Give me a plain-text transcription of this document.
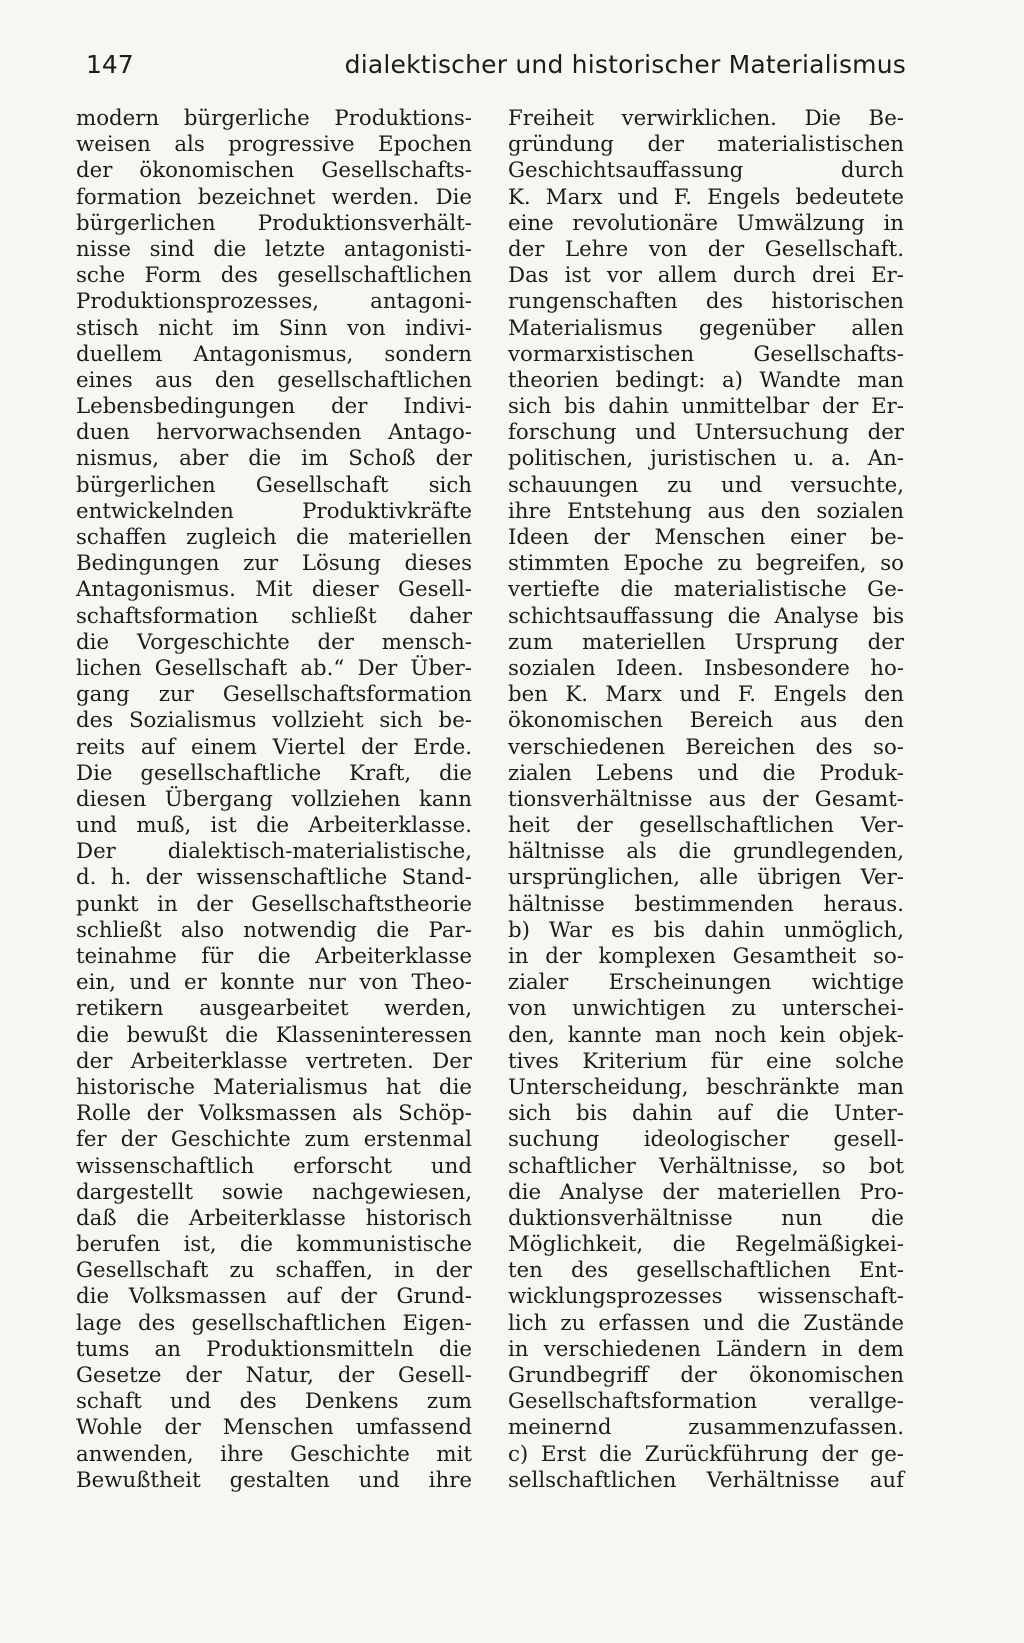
147	dialektischer und historischer Materialismus
modern bürgerliche Produktions-
weisen als progressive Epochen
der ökonomischen Gesellschafts-
formation bezeichnet werden. Die
bürgerlichen Produktionsverhält-
nisse sind die letzte antagonisti-
sche Form des gesellschaftlichen
Produktionsprozesses, antagoni-
stisch nicht im Sinn von indivi-
duellem Antagonismus, sondern
eines aus den gesellschaftlichen
Lebensbedingungen der Indivi-
duen hervorwachsenden Antago-
nismus, aber die im Schoß der
bürgerlichen Gesellschaft sich
entwickelnden Produktivkräfte
schaffen zugleich die materiellen
Bedingungen zur Lösung dieses
Antagonismus. Mit dieser Gesell-
schaftsformation schließt daher
die Vorgeschichte der mensch-
lichen Gesellschaft ab.“ Der Über-
gang zur Gesellschaftsformation
des Sozialismus vollzieht sich be-
reits auf einem Viertel der Erde.
Die gesellschaftliche Kraft, die
diesen Übergang vollziehen kann
und muß, ist die Arbeiterklasse.
Der dialektisch-materialistische,
d. h. der wissenschaftliche Stand-
punkt in der Gesellschaftstheorie
schließt also notwendig die Par-
teinahme für die Arbeiterklasse
ein, und er konnte nur von Theo-
retikern ausgearbeitet werden,
die bewußt die Klasseninteressen
der Arbeiterklasse vertreten. Der
historische Materialismus hat die
Rolle der Volksmassen als Schöp-
fer der Geschichte zum erstenmal
wissenschaftlich erforscht und
dargestellt sowie nachgewiesen,
daß die Arbeiterklasse historisch
berufen ist, die kommunistische
Gesellschaft zu schaffen, in der
die Volksmassen auf der Grund-
lage des gesellschaftlichen Eigen-
tums an Produktionsmitteln die
Gesetze der Natur, der Gesell-
schaft und des Denkens zum
Wohle der Menschen umfassend
anwenden, ihre Geschichte mit
Bewußtheit gestalten und ihre
Freiheit verwirklichen. Die Be-
gründung der materialistischen
Geschichtsauffassung durch
K. Marx und F. Engels bedeutete
eine revolutionäre Umwälzung in
der Lehre von der Gesellschaft.
Das ist vor allem durch drei Er-
rungenschaften des historischen
Materialismus gegenüber allen
vormarxistischen Gesellschafts-
theorien bedingt: a) Wandte man
sich bis dahin unmittelbar der Er-
forschung und Untersuchung der
politischen, juristischen u. a. An-
schauungen zu und versuchte,
ihre Entstehung aus den sozialen
Ideen der Menschen einer be-
stimmten Epoche zu begreifen, so
vertiefte die materialistische Ge-
schichtsauffassung die Analyse bis
zum materiellen Ursprung der
sozialen Ideen. Insbesondere ho-
ben K. Marx und F. Engels den
ökonomischen Bereich aus den
verschiedenen Bereichen des so-
zialen Lebens und die Produk-
tionsverhältnisse aus der Gesamt-
heit der gesellschaftlichen Ver-
hältnisse als die grundlegenden,
ursprünglichen, alle übrigen Ver-
hältnisse bestimmenden heraus.
b) War es bis dahin unmöglich,
in der komplexen Gesamtheit so-
zialer Erscheinungen wichtige
von unwichtigen zu unterschei-
den, kannte man noch kein objek-
tives Kriterium für eine solche
Unterscheidung, beschränkte man
sich bis dahin auf die Unter-
suchung ideologischer gesell-
schaftlicher Verhältnisse, so bot
die Analyse der materiellen Pro-
duktionsverhältnisse nun die
Möglichkeit, die Regelmäßigkei-
ten des gesellschaftlichen Ent-
wicklungsprozesses wissenschaft-
lich zu erfassen und die Zustände
in verschiedenen Ländern in dem
Grundbegriff der ökonomischen
Gesellschaftsformation verallge-
meinernd zusammenzufassen.
c) Erst die Zurückführung der ge-
sellschaftlichen Verhältnisse auf
